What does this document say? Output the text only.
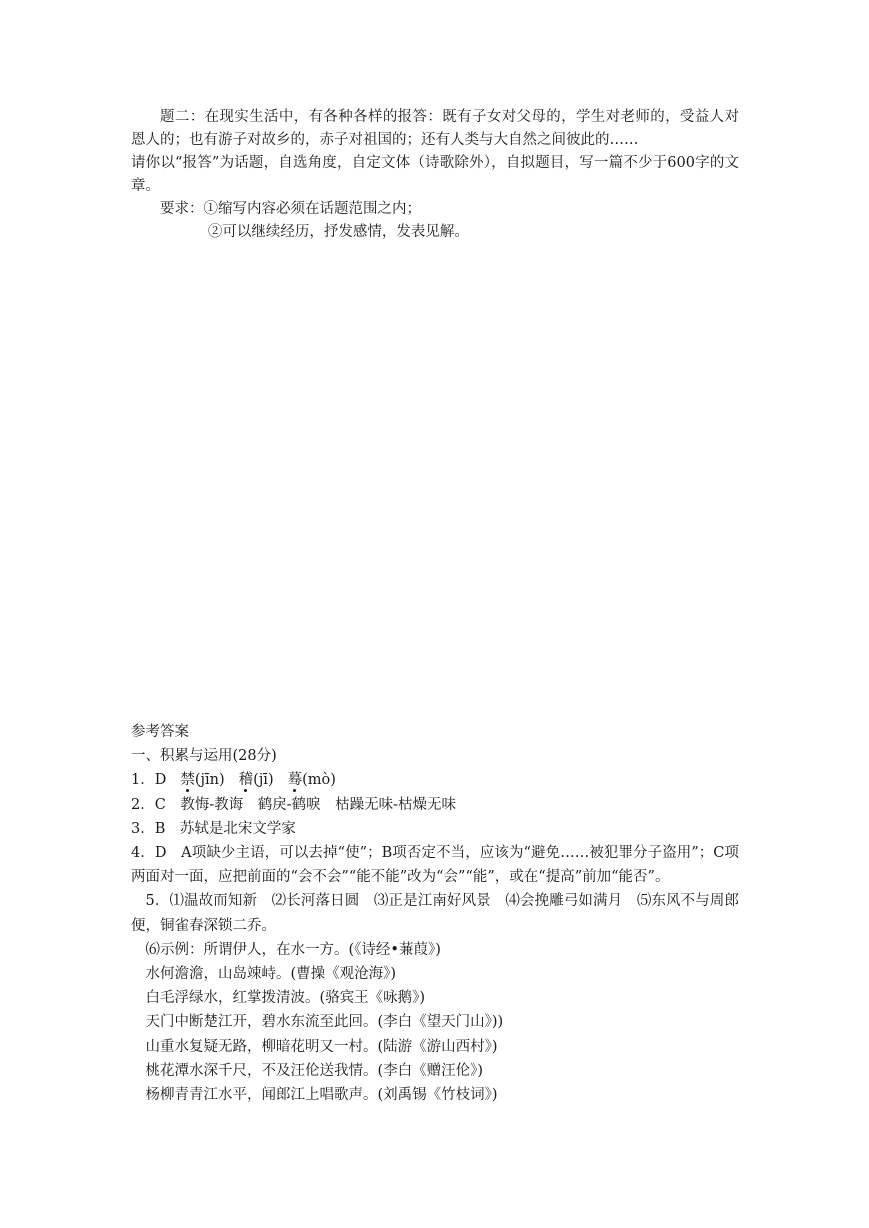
题二：在现实生活中，有各种各样的报答：既有子女对父母的，学生对老师的，受益人对恩人的；也有游子对故乡的，赤子对祖国的；还有人类与大自然之间彼此的……

请你以“报答”为话题，自选角度，自定文体（诗歌除外），自拟题目，写一篇不少于600字的文章。

要求：①缩写内容必须在话题范围之内；

②可以继续经历，抒发感情，发表见解。

参考答案

一、积累与运用(28分)

1．D 禁(jīn) 稽(jī) 蓦(mò)

2．C　教悔-教诲　鹤戾-鹤唳　枯躁无味-枯燥无味

3．B　苏轼是北宋文学家

4．D　A项缺少主语，可以去掉“使”；B项否定不当，应该为“避免……被犯罪分子盗用”；C项两面对一面，应把前面的“会不会”“能不能”改为“会”“能”，或在“提高”前加“能否”。

5．⑴温故而知新　⑵长河落日圆　⑶正是江南好风景　⑷会挽雕弓如满月　⑸东风不与周郎便，铜雀春深锁二乔。

⑹示例：所谓伊人，在水一方。(《诗经•蒹葭》)

水何澹澹，山岛竦峙。(曹操《观沧海》)

白毛浮绿水，红掌拨清波。(骆宾王《咏鹅》)

天门中断楚江开，碧水东流至此回。(李白《望天门山》))

山重水复疑无路，柳暗花明又一村。(陆游《游山西村》)

桃花潭水深千尺，不及汪伦送我情。(李白《赠汪伦》)

杨柳青青江水平，闻郎江上唱歌声。(刘禹锡《竹枝词》)
